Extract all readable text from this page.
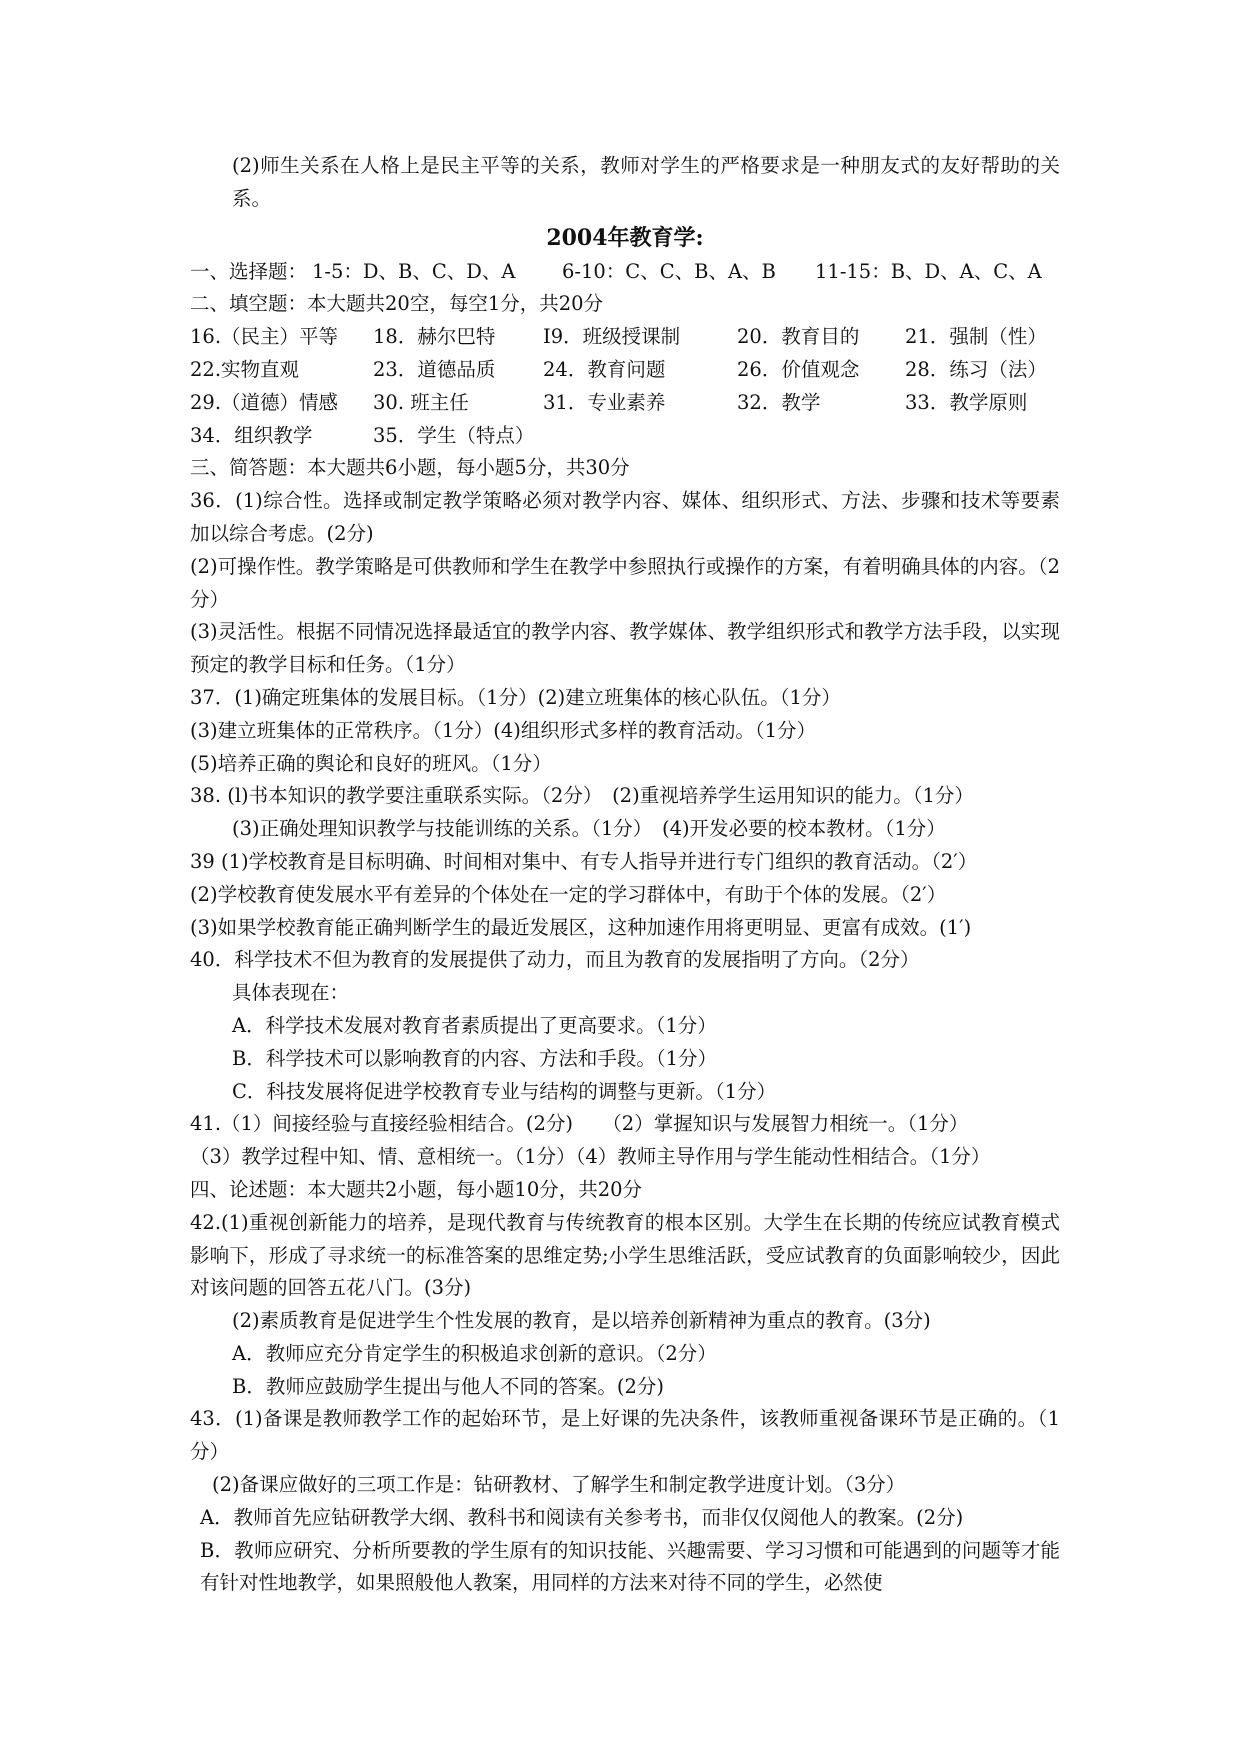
(2)师生关系在人格上是民主平等的关系，教师对学生的严格要求是一种朋友式的友好帮助的关系。

2004年教育学:
一、选择题： 1-5：D、B、C、D、A	6-10：C、C、B、A、B	11-15：B、D、A、C、A

二、填空题：本大题共20空，每空1分，共20分

16.（民主）平等	18．赫尔巴特	I9．班级授课制	20．教育目的	21．强制（性）
22.实物直观	23．道德品质	24．教育问题	26．价值观念	28．练习（法）
29.（道德）情感	30. 班主任	31．专业素养	32．教学	33．教学原则
34．组织教学	35．学生（特点）

三、简答题：本大题共6小题，每小题5分，共30分

36．(1)综合性。选择或制定教学策略必须对教学内容、媒体、组织形式、方法、步骤和技术等要素加以综合考虑。(2分)

(2)可操作性。教学策略是可供教师和学生在教学中参照执行或操作的方案，有着明确具体的内容。（2分）

(3)灵活性。根据不同情况选择最适宜的教学内容、教学媒体、教学组织形式和教学方法手段，以实现预定的教学目标和任务。（1分）

37．(1)确定班集体的发展目标。（1分）(2)建立班集体的核心队伍。（1分）

(3)建立班集体的正常秩序。（1分）(4)组织形式多样的教育活动。（1分）

(5)培养正确的舆论和良好的班风。（1分）

38. (l)书本知识的教学要注重联系实际。（2分）　(2)重视培养学生运用知识的能力。（1分）

(3)正确处理知识教学与技能训练的关系。（1分）　(4)开发必要的校本教材。（1分）

39 (1)学校教育是目标明确、时间相对集中、有专人指导并进行专门组织的教育活动。（2′）

(2)学校教育使发展水平有差异的个体处在一定的学习群体中，有助于个体的发展。（2′）

(3)如果学校教育能正确判断学生的最近发展区，这种加速作用将更明显、更富有成效。(1′)

40．科学技术不但为教育的发展提供了动力，而且为教育的发展指明了方向。（2分）

具体表现在：

A．科学技术发展对教育者素质提出了更高要求。（1分）

B．科学技术可以影响教育的内容、方法和手段。（1分）

C．科技发展将促进学校教育专业与结构的调整与更新。（1分）

41.（1）间接经验与直接经验相结合。(2分)　　（2）掌握知识与发展智力相统一。（1分）

（3）教学过程中知、情、意相统一。（1分）（4）教师主导作用与学生能动性相结合。（1分）

四、论述题：本大题共2小题，每小题10分，共20分

42.(1)重视创新能力的培养，是现代教育与传统教育的根本区别。大学生在长期的传统应试教育模式影响下，形成了寻求统一的标准答案的思维定势;小学生思维活跃，受应试教育的负面影响较少，因此对该问题的回答五花八门。(3分)

(2)素质教育是促进学生个性发展的教育，是以培养创新精神为重点的教育。(3分)

A．教师应充分肯定学生的积极追求创新的意识。（2分）

B．教师应鼓励学生提出与他人不同的答案。(2分)

43．(1)备课是教师教学工作的起始环节，是上好课的先决条件，该教师重视备课环节是正确的。（1分）

(2)备课应做好的三项工作是：钻研教材、了解学生和制定教学进度计划。（3分）

A．教师首先应钻研教学大纲、教科书和阅读有关参考书，而非仅仅阅他人的教案。(2分)

B．教师应研究、分析所要教的学生原有的知识技能、兴趣需要、学习习惯和可能遇到的问题等才能有针对性地教学，如果照般他人教案，用同样的方法来对待不同的学生，必然使
